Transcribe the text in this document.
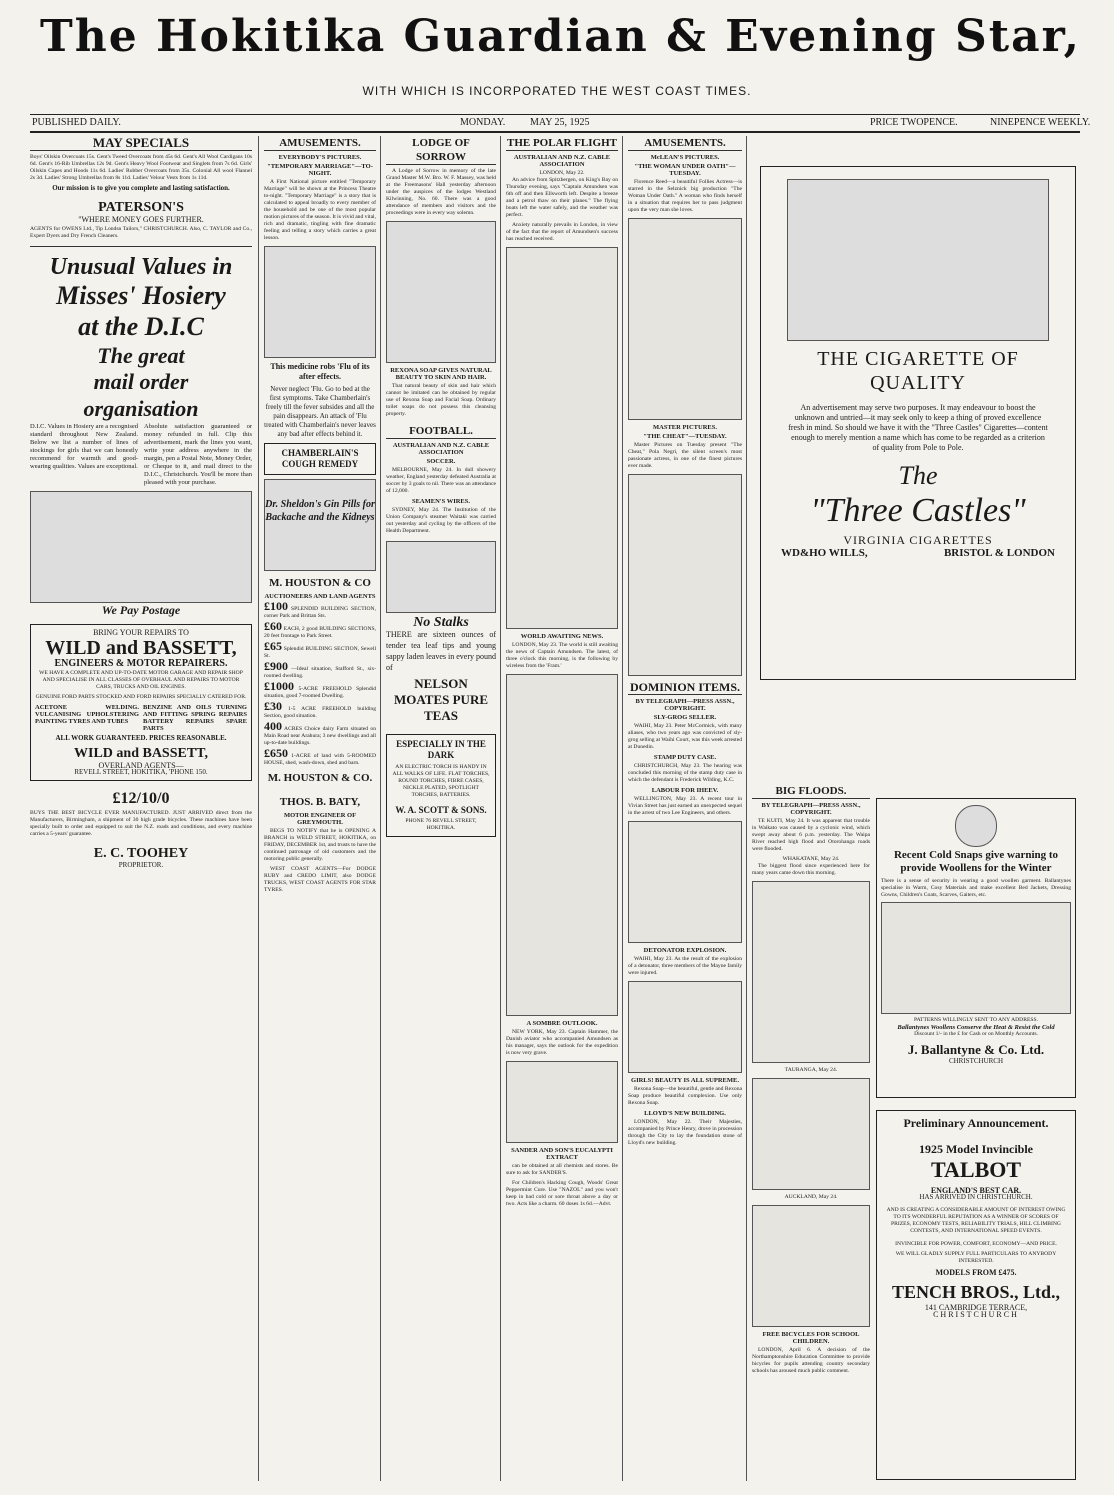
The Hokitika Guardian & Evening Star,
WITH WHICH IS INCORPORATED THE WEST COAST TIMES.
PUBLISHED DAILY.	MONDAY. MAY 25, 1925	PRICE TWOPENCE.	NINEPENCE WEEKLY.
MAY SPECIALS
Boys' Oilskin Overcoats 15s. Gent's Tweed Overcoats from 45s 6d. Gent's All Wool Cardigans 10s 6d. Gent's 16-Rib Umbrellas 12s 9d. Gent's Heavy Wool Footwear and Singlets from 7s 6d. Girls' Oilskin Capes and Hoods 11s 6d. Ladies' Rubber Overcoats from 35s. Colonial All wool Flannel 2s 3d. Ladies' Strong Umbrellas from 8s 11d. Ladies' Velour Vests from 1s 11d.
Our mission is to give you complete and lasting satisfaction.
PATERSON'S
"WHERE MONEY GOES FURTHER.
AGENTS for OWENS Ltd., Tip Londsn Tailors," CHRISTCHURCH. Also, C. TAYLOR and Co., Expert Dyers and Dry French Cleaners.
Unusual Values in
Misses' Hosiery
at the D.I.C
The great
mail order
organisation
D.I.C. Values in Hosiery are a recognised standard throughout New Zealand. Below we list a number of lines of stockings for girls that we can honestly recommend for warmth and good-wearing qualities. Values are exceptional.
Absolute satisfaction guaranteed or money refunded in full. Clip this advertisement, mark the lines you want, write your address anywhere in the margin, pen a Postal Note, Money Order, or Cheque to it, and mail direct to the D.I.C., Christchurch. You'll be more than pleased with your purchase.
We Pay Postage
BRING YOUR REPAIRS TO
WILD and BASSETT,
ENGINEERS & MOTOR REPAIRERS.
WE HAVE A COMPLETE AND UP-TO-DATE MOTOR GARAGE AND REPAIR SHOP AND SPECIALISE IN ALL CLASSES OF OVERHAUL AND REPAIRS TO MOTOR CARS, TRUCKS AND OIL ENGINES.
GENUINE FORD PARTS STOCKED AND FORD REPAIRS SPECIALLY CATERED FOR.
ACETONE WELDING. VULCANISING UPHOLSTERING PAINTING TYRES AND TUBES
BENZINE AND OILS TURNING AND FITTING SPRING REPAIRS BATTERY REPAIRS SPARE PARTS
ALL WORK GUARANTEED. PRICES REASONABLE.
WILD and BASSETT,
OVERLAND AGENTS—
REVELL STREET, HOKITIKA, 'PHONE 150.
£12/10/0
BUYS THE BEST BICYCLE EVER MANUFACTURED. JUST ARRIVED direct from the Manufacturers, Birmingham, a shipment of 30 high grade bicycles. These machines have been specially built to order and equipped to suit the N.Z. roads and conditions, and every machine carries a 5-years' guarantee.
E. C. TOOHEY
PROPRIETOR.
AMUSEMENTS.
EVERYBODY'S PICTURES.
"TEMPORARY MARRIAGE"—TO-NIGHT.

A First National picture entitled "Temporary Marriage" will be shown at the Princess Theatre to-night. "Temporary Marriage" is a story that is calculated to appeal broadly to every member of the household and be one of the most popular motion pictures of the season. It is vivid and vital, rich and dramatic, tingling with fine dramatic feeling and telling a story which carries a great lesson.

This medicine robs 'Flu of its after effects.
Never neglect 'Flu. Go to bed at the first symptoms. Take Chamberlain's freely till the fever subsides and all the pain disappears. An attack of 'Flu treated with Chamberlain's never leaves any bad after effects behind it.
CHAMBERLAIN'S COUGH REMEDY
Dr. Sheldon's Gin Pills for Backache and the Kidneys
M. HOUSTON & CO
AUCTIONEERS AND LAND AGENTS
£100 SPLENDID BUILDING SECTION, corner Park and Brittan Sts.
£60 EACH, 2 good BUILDING SECTIONS, 20 feet frontage to Park Street.
£65 Splendid BUILDING SECTION, Sewell St.
£900 —Ideal situation, Stafford St., six-roomed dwelling.
£1000 5-ACRE FREEHOLD Splendid situation, good 7-roomed Dwelling.
£30 1-5 ACRE FREEHOLD building Section, good situation.
400 ACRES Choice dairy Farm situated on Main Road near Arahura; 3 new dwellings and all up-to-date buildings.
£650 1-ACRE of land with 5-ROOMED HOUSE, shed, wash-down, shed and barn.
M. HOUSTON & CO.
THOS. B. BATY,
MOTOR ENGINEER OF GREYMOUTH.

BEGS TO NOTIFY that he is OPENING A BRANCH in WELD STREET, HOKITIKA, on FRIDAY, DECEMBER 1st, and trusts to have the continued patronage of old customers and the motoring public generally.

WEST COAST AGENTS—For DODGE RUBY and CREDO LIMIT, also DODGE TRUCKS, WEST COAST AGENTS FOR STAR TYRES.

LODGE OF SORROW

A Lodge of Sorrow in memory of the late Grand Master M.W. Bro. W. F. Massey, was held at the Freemasons' Hall yesterday afternoon under the auspices of the lodges Westland Kilwinning, No. 60. There was a good attendance of members and visitors and the proceedings were in every way solemn.

REXONA SOAP GIVES NATURAL BEAUTY TO SKIN AND HAIR.

That natural beauty of skin and hair which cannot be imitated can be obtained by regular use of Rexona Soap and Facial Soap. Ordinary toilet soaps do not possess this cleansing property.

FOOTBALL.
AUSTRALIAN AND N.Z. CABLE ASSOCIATION
SOCCER.

MELBOURNE, May 24. In dull showery weather, England yesterday defeated Australia at soccer by 3 goals to nil. There was an attendance of 12,000.

SEAMEN'S WIRES.

SYDNEY, May 24. The Institution of the Union Company's steamer Waitaki was carried out yesterday and cycling by the officers of the Health Department.

No Stalks
THERE are sixteen ounces of tender tea leaf tips and young sappy laden leaves in every pound of
NELSON MOATES PURE TEAS
ESPECIALLY IN THE DARK
AN ELECTRIC TORCH IS HANDY IN ALL WALKS OF LIFE. FLAT TORCHES, ROUND TORCHES, FIBRE CASES, NICKLE PLATED, SPOTLIGHT TORCHES, BATTERIES.
W. A. SCOTT & SONS.
PHONE 76 REVELL STREET, HOKITIKA.
THE POLAR FLIGHT
AUSTRALIAN AND N.Z. CABLE ASSOCIATION
LONDON, May 22.

An advice from Spitzbergen, on King's Bay on Thursday evening, says "Captain Amundsen was 6th off and then Ellsworth left. Despite a breeze and a petrol thaw on their planes." The flying boats left the water safely, and the weather was perfect.

Anxiety naturally prevails in London, in view of the fact that the report of Amundsen's success has reached received.

WORLD AWAITING NEWS.

LONDON, May 23. The world is still awaiting the news of Captain Amundsen. The latest, of three o'clock this morning, is the following by wireless from the 'Fram.'

A SOMBRE OUTLOOK.

NEW YORK, May 23. Captain Hammer, the Danish aviator who accompanied Amundsen as his manager, says the outlook for the expedition is now very grave.

SANDER AND SON'S EUCALYPTI EXTRACT

can be obtained at all chemists and stores. Be sure to ask for SANDER'S.

For Children's Hacking Cough, Woods' Great Peppermint Cure. Use "NAZOL" and you won't keep in bad cold or sore throat above a day or two. Acts like a charm. 60 doses 1s 6d.—Advt.

AMUSEMENTS.
McLEAN'S PICTURES.
"THE WOMAN UNDER OATH"—TUESDAY.

Florence Reed—a beautiful Follies Actress—is starred in the Selznick big production "The Woman Under Oath." A woman who finds herself in a situation that requires her to pass judgment upon the very man she loves.

MASTER PICTURES.
"THE CHEAT"—TUESDAY.

Master Pictures on Tuesday present "The Cheat," Pola Negri, the silent screen's most passionate actress, in one of the finest pictures ever made.

DOMINION ITEMS.
BY TELEGRAPH—PRESS ASSN., COPYRIGHT.
SLY-GROG SELLER.

WAIHI, May 23. Peter McCormick, with many aliases, who two years ago was convicted of sly-grog selling at Waihi Court, was this week arrested at Dunedin.

STAMP DUTY CASE.

CHRISTCHURCH, May 23. The hearing was concluded this morning of the stamp duty case in which the defendant is Frederick Wilding, K.C.

LABOUR FOR IHEEV.

WELLINGTON, May 23. A recent tour in Vivian Street has just earned an unexpected sequel in the arrest of two Lee Engineers, and others.

DETONATOR EXPLOSION.

WAIHI, May 23. As the result of the explosion of a detonator, three members of the Mayne family were injured.

GIRLS! BEAUTY IS ALL SUPREME.

Rexona Soap—the beautiful, gentle and Rexona Soap produce beautiful complexion. Use only Rexona Soap.

LLOYD'S NEW BUILDING.

LONDON, May 22. Their Majesties, accompanied by Prince Henry, drove in procession through the City to lay the foundation stone of Lloyd's new building.

THE CIGARETTE OF QUALITY
An advertisement may serve two purposes. It may endeavour to boost the unknown and untried—it may seek only to keep a thing of proved excellence fresh in mind. So should we have it with the "Three Castles" Cigarettes—content enough to merely mention a name which has come to be regarded as a criterion of quality from Pole to Pole.
The
"Three Castles"
VIRGINIA CIGARETTES
WD&HO WILLS,	BRISTOL & LONDON
BIG FLOODS.
BY TELEGRAPH—PRESS ASSN., COPYRIGHT.

TE KUITI, May 24. It was apparent that trouble in Waikato was caused by a cyclonic wind, which swept away about 6 p.m. yesterday. The Waipa River reached high flood and Otorohanga roads were flooded.

WHAKATANE, May 24.

The biggest flood since experienced here for many years came down this morning.

TAURANGA, May 24.
AUCKLAND, May 24.
FREE BICYCLES FOR SCHOOL CHILDREN.

LONDON, April 6. A decision of the Northamptonshire Education Committee to provide bicycles for pupils attending country secondary schools has aroused much public comment.

Recent Cold Snaps give warning to provide Woollens for the Winter
There is a sense of security in wearing a good woollen garment. Ballantynes specialise in Warm, Cosy Materials and make excellent Bed Jackets, Dressing Gowns, Children's Coats, Scarves, Gaiters, etc.
PATTERNS WILLINGLY SENT TO ANY ADDRESS.
Ballantynes Woollens Conserve the Heat & Resist the Cold
Discount 1/- in the £ for Cash or on Monthly Accounts.
J. Ballantyne & Co. Ltd.
CHRISTCHURCH
Preliminary Announcement.
1925 Model Invincible
TALBOT
ENGLAND'S BEST CAR.
HAS ARRIVED IN CHRISTCHURCH.
AND IS CREATING A CONSIDERABLE AMOUNT OF INTEREST OWING TO ITS WONDERFUL REPUTATION AS A WINNER OF SCORES OF PRIZES, ECONOMY TESTS, RELIABILITY TRIALS, HILL CLIMBING CONTESTS, AND INTERNATIONAL SPEED EVENTS.
INVINCIBLE FOR POWER, COMFORT, ECONOMY—AND PRICE.
WE WILL GLADLY SUPPLY FULL PARTICULARS TO ANYBODY INTERESTED.
MODELS FROM £475.
TENCH BROS., Ltd.,
141 CAMBRIDGE TERRACE,
CHRISTCHURCH
